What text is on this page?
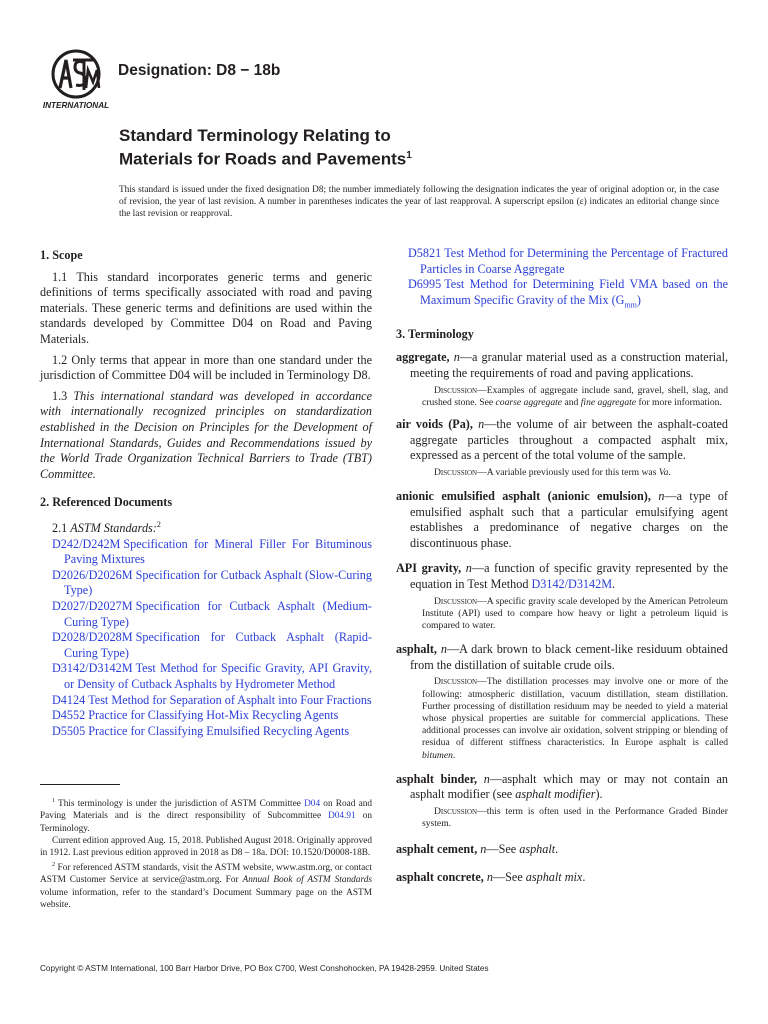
INTERNATIONAL
Designation: D8 − 18b
Standard Terminology Relating to
Materials for Roads and Pavements$^1$
This standard is issued under the fixed designation D8; the number immediately following the designation indicates the year of original adoption or, in the case of revision, the year of last revision. A number in parentheses indicates the year of last reapproval. A superscript epsilon (ε) indicates an editorial change since the last revision or reapproval.
1. Scope

1.1 This standard incorporates generic terms and generic definitions of terms specifically associated with road and paving materials. These generic terms and definitions are used within the standards developed by Committee D04 on Road and Paving Materials.

1.2 Only terms that appear in more than one standard under the jurisdiction of Committee D04 will be included in Terminology D8.

1.3 This international standard was developed in accordance with internationally recognized principles on standardization established in the Decision on Principles for the Development of International Standards, Guides and Recommendations issued by the World Trade Organization Technical Barriers to Trade (TBT) Committee.

2. Referenced Documents
2.1 ASTM Standards:$^2$
D242/D242M Specification for Mineral Filler For Bituminous Paving Mixtures
D2026/D2026M Specification for Cutback Asphalt (Slow-Curing Type)
D2027/D2027M Specification for Cutback Asphalt (Medium-Curing Type)
D2028/D2028M Specification for Cutback Asphalt (Rapid-Curing Type)
D3142/D3142M Test Method for Specific Gravity, API Gravity, or Density of Cutback Asphalts by Hydrometer Method
D4124 Test Method for Separation of Asphalt into Four Fractions
D4552 Practice for Classifying Hot-Mix Recycling Agents
D5505 Practice for Classifying Emulsified Recycling Agents

$^1$ This terminology is under the jurisdiction of ASTM Committee D04 on Road and Paving Materials and is the direct responsibility of Subcommittee D04.91 on Terminology.

Current edition approved Aug. 15, 2018. Published August 2018. Originally approved in 1912. Last previous edition approved in 2018 as D8 – 18a. DOI: 10.1520/D0008-18B.

$^2$ For referenced ASTM standards, visit the ASTM website, www.astm.org, or contact ASTM Customer Service at service@astm.org. For Annual Book of ASTM Standards volume information, refer to the standard’s Document Summary page on the ASTM website.

D5821 Test Method for Determining the Percentage of Fractured Particles in Coarse Aggregate
D6995 Test Method for Determining Field VMA based on the Maximum Specific Gravity of the Mix $(G_{mm})$
3. Terminology
aggregate, n—a granular material used as a construction material, meeting the requirements of road and paving applications.
Discussion—Examples of aggregate include sand, gravel, shell, slag, and crushed stone. See coarse aggregate and fine aggregate for more information.
air voids (Pa), n—the volume of air between the asphalt-coated aggregate particles throughout a compacted asphalt mix, expressed as a percent of the total volume of the sample.
Discussion—A variable previously used for this term was Va.
anionic emulsified asphalt (anionic emulsion), n—a type of emulsified asphalt such that a particular emulsifying agent establishes a predominance of negative charges on the discontinuous phase.
API gravity, n—a function of specific gravity represented by the equation in Test Method D3142/D3142M.
Discussion—A specific gravity scale developed by the American Petroleum Institute (API) used to compare how heavy or light a petroleum liquid is compared to water.
asphalt, n—A dark brown to black cement-like residuum obtained from the distillation of suitable crude oils.
Discussion—The distillation processes may involve one or more of the following: atmospheric distillation, vacuum distillation, steam distillation. Further processing of distillation residuum may be needed to yield a material whose physical properties are suitable for commercial applications. These additional processes can involve air oxidation, solvent stripping or blending of residua of different stiffness characteristics. In Europe asphalt is called bitumen.
asphalt binder, n—asphalt which may or may not contain an asphalt modifier (see asphalt modifier).
Discussion—this term is often used in the Performance Graded Binder system.
asphalt cement, n—See asphalt.
asphalt concrete, n—See asphalt mix.
Copyright © ASTM International, 100 Barr Harbor Drive, PO Box C700, West Conshohocken, PA 19428-2959. United States
